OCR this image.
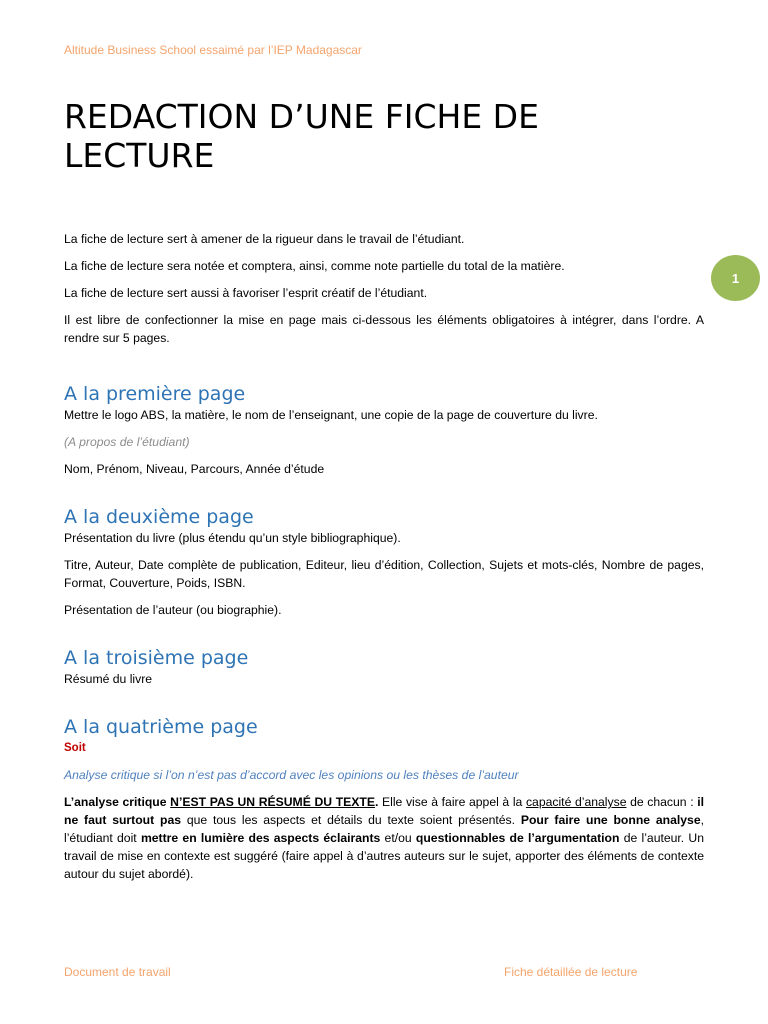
Altitude Business School essaimé par l’IEP Madagascar
REDACTION D’UNE FICHE DE LECTURE
1

La fiche de lecture sert à amener de la rigueur dans le travail de l’étudiant.

La fiche de lecture sera notée et comptera, ainsi, comme note partielle du total de la matière.

La fiche de lecture sert aussi à favoriser l’esprit créatif de l’étudiant.

Il est libre de confectionner la mise en page mais ci-dessous les éléments obligatoires à intégrer, dans l’ordre. A rendre sur 5 pages.

A la première page

Mettre le logo ABS, la matière, le nom de l’enseignant, une copie de la page de couverture du livre.

(A propos de l’étudiant)

Nom, Prénom, Niveau, Parcours, Année d’étude

A la deuxième page

Présentation du livre (plus étendu qu’un style bibliographique).

Titre, Auteur, Date complète de publication, Editeur, lieu d’édition, Collection, Sujets et mots-clés, Nombre de pages, Format, Couverture, Poids, ISBN.

Présentation de l’auteur (ou biographie).

A la troisième page

Résumé du livre

A la quatrième page

Soit

Analyse critique si l’on n’est pas d’accord avec les opinions ou les thèses de l’auteur

L’analyse critique N’EST PAS UN RÉSUMÉ DU TEXTE. Elle vise à faire appel à la capacité d’analyse de chacun : il ne faut surtout pas que tous les aspects et détails du texte soient présentés. Pour faire une bonne analyse, l’étudiant doit mettre en lumière des aspects éclairants et/ou questionnables de l’argumentation de l’auteur. Un travail de mise en contexte est suggéré (faire appel à d’autres auteurs sur le sujet, apporter des éléments de contexte autour du sujet abordé).

Document de travail	Fiche détaillée de lecture
